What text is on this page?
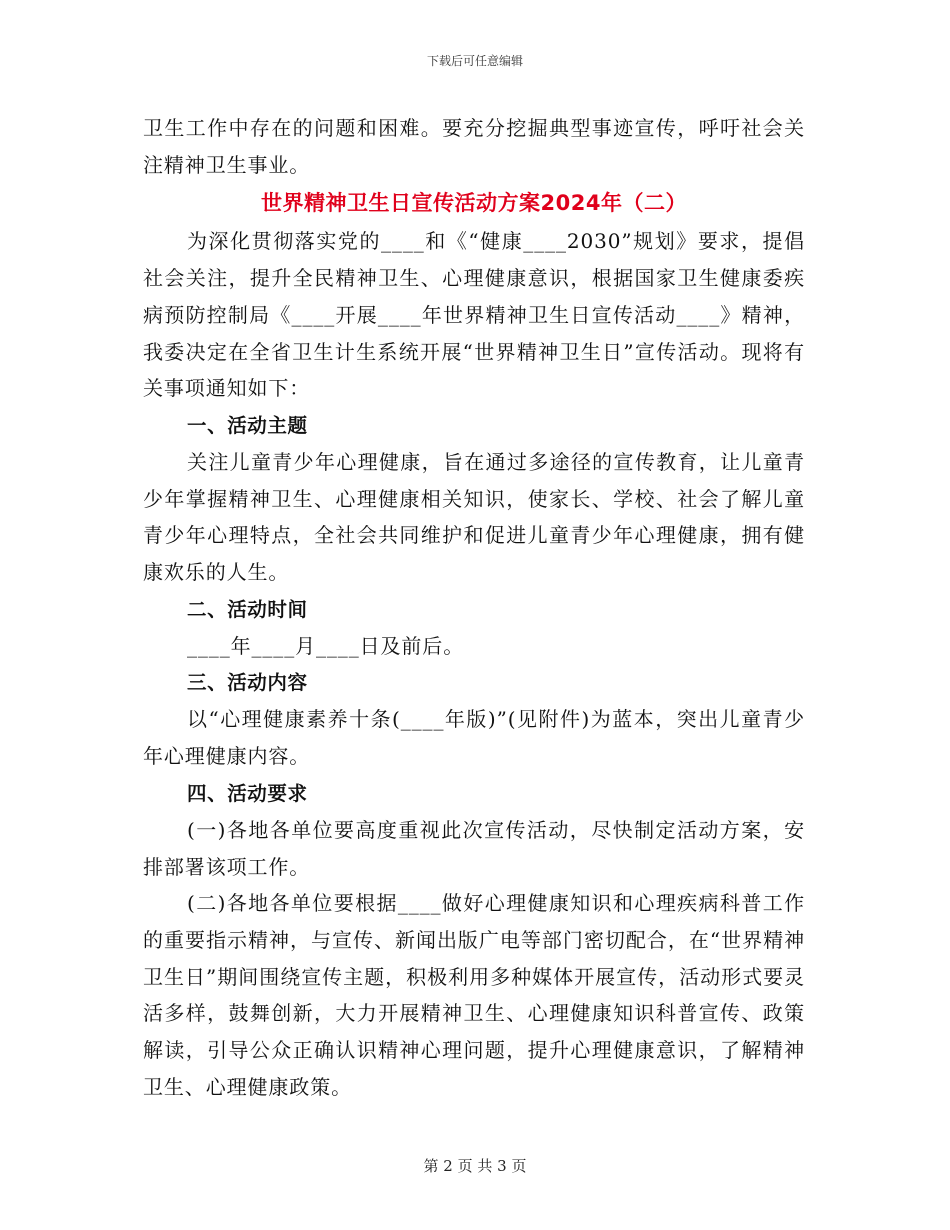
下载后可任意编辑

卫生工作中存在的问题和困难。要充分挖掘典型事迹宣传，呼吁社会关注精神卫生事业。

世界精神卫生日宣传活动方案2024年（二）

为深化贯彻落实党的____和《“健康____2030”规划》要求，提倡社会关注，提升全民精神卫生、心理健康意识，根据国家卫生健康委疾病预防控制局《____开展____年世界精神卫生日宣传活动____》精神，我委决定在全省卫生计生系统开展“世界精神卫生日”宣传活动。现将有关事项通知如下：

一、活动主题

关注儿童青少年心理健康，旨在通过多途径的宣传教育，让儿童青少年掌握精神卫生、心理健康相关知识，使家长、学校、社会了解儿童青少年心理特点，全社会共同维护和促进儿童青少年心理健康，拥有健康欢乐的人生。

二、活动时间

____年____月____日及前后。

三、活动内容

以“心理健康素养十条(____年版)”(见附件)为蓝本，突出儿童青少年心理健康内容。

四、活动要求

(一)各地各单位要高度重视此次宣传活动，尽快制定活动方案，安排部署该项工作。

(二)各地各单位要根据____做好心理健康知识和心理疾病科普工作的重要指示精神，与宣传、新闻出版广电等部门密切配合，在“世界精神卫生日”期间围绕宣传主题，积极利用多种媒体开展宣传，活动形式要灵活多样，鼓舞创新，大力开展精神卫生、心理健康知识科普宣传、政策解读，引导公众正确认识精神心理问题，提升心理健康意识，了解精神卫生、心理健康政策。

第 2 页 共 3 页
